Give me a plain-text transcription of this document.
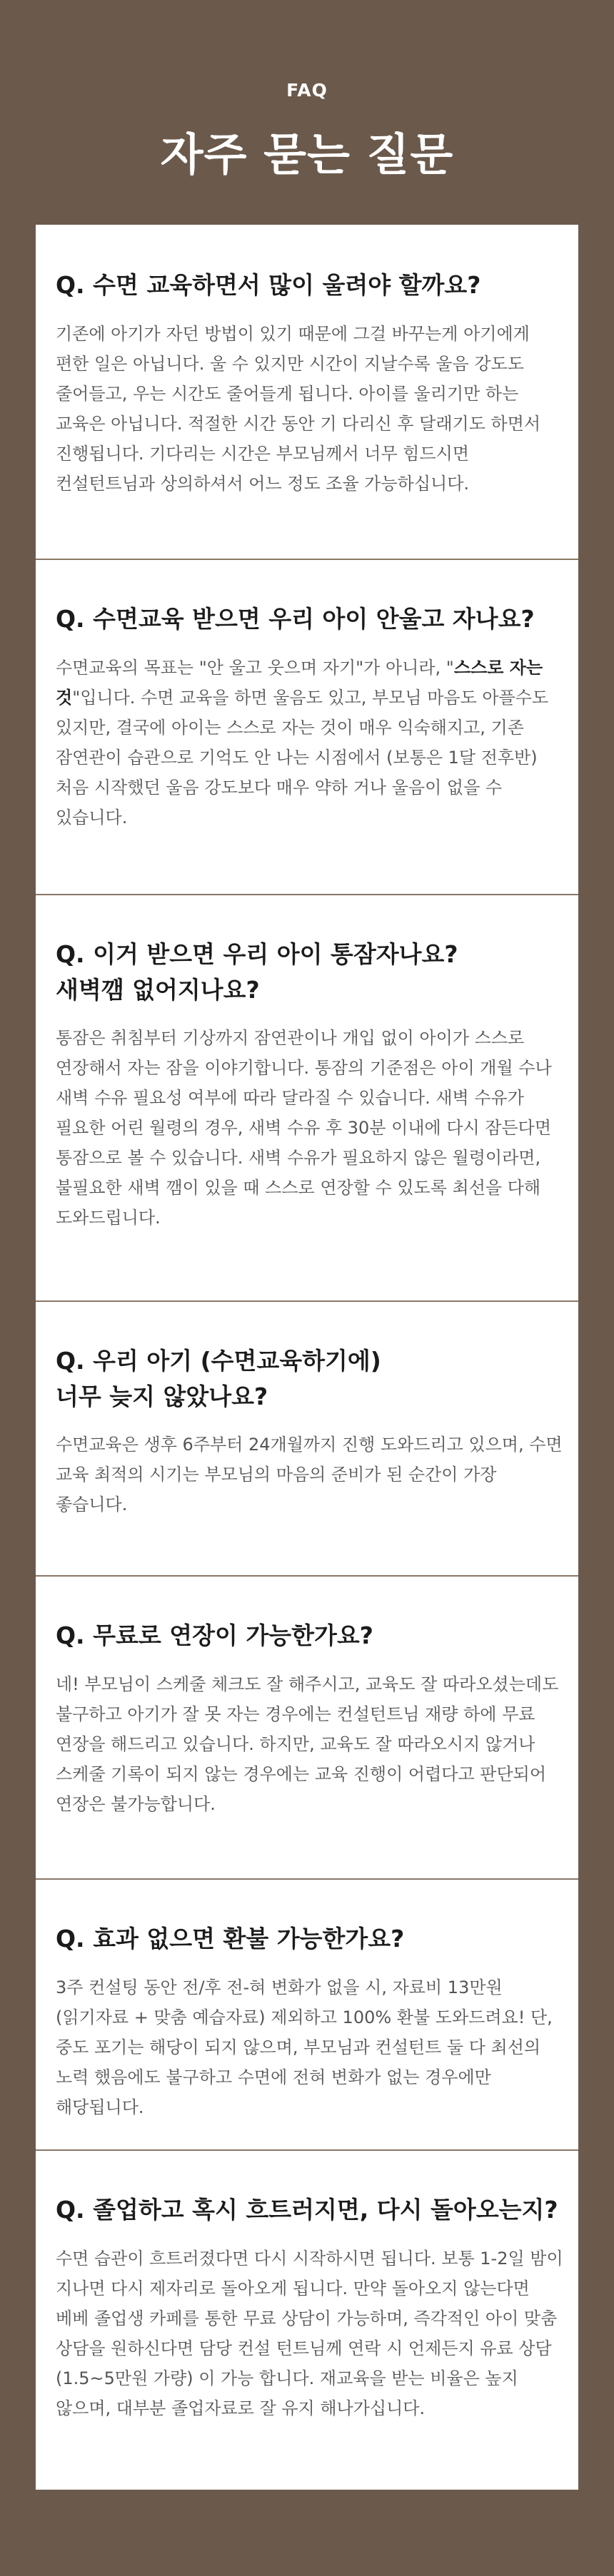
FAQ

자주 묻는 질문
Q. 수면 교육하면서 많이 울려야 할까요?

기존에 아기가 자던 방법이 있기 때문에 그걸 바꾸는게 아기에게 편한 일은 아닙니다. 울 수 있지만 시간이 지날수록 울음 강도도 줄어들고, 우는 시간도 줄어들게 됩니다. 아이를 울리기만 하는 교육은 아닙니다. 적절한 시간 동안 기 다리신 후 달래기도 하면서 진행됩니다. 기다리는 시간은 부모님께서 너무 힘드시면 컨설턴트님과 상의하셔서 어느 정도 조율 가능하십니다.

Q. 수면교육 받으면 우리 아이 안울고 자나요?

수면교육의 목표는 "안 울고 웃으며 자기"가 아니라, "스스로 자는 것"입니다. 수면 교육을 하면 울음도 있고, 부모님 마음도 아플수도 있지만, 결국에 아이는 스스로 자는 것이 매우 익숙해지고, 기존 잠연관이 습관으로 기억도 안 나는 시점에서 (보통은 1달 전후반) 처음 시작했던 울음 강도보다 매우 약하 거나 울음이 없을 수 있습니다.

Q. 이거 받으면 우리 아이 통잠자나요?
새벽깸 없어지나요?

통잠은 취침부터 기상까지 잠연관이나 개입 없이 아이가 스스로 연장해서 자는 잠을 이야기합니다. 통잠의 기준점은 아이 개월 수나 새벽 수유 필요성 여부에 따라 달라질 수 있습니다. 새벽 수유가 필요한 어린 월령의 경우, 새벽 수유 후 30분 이내에 다시 잠든다면 통잠으로 볼 수 있습니다. 새벽 수유가 필요하지 않은 월령이라면, 불필요한 새벽 깸이 있을 때 스스로 연장할 수 있도록 최선을 다해 도와드립니다.

Q. 우리 아기 (수면교육하기에)
너무 늦지 않았나요?

수면교육은 생후 6주부터 24개월까지 진행 도와드리고 있으며, 수면 교육 최적의 시기는 부모님의 마음의 준비가 된 순간이 가장 좋습니다.

Q. 무료로 연장이 가능한가요?

네! 부모님이 스케줄 체크도 잘 해주시고, 교육도 잘 따라오셨는데도 불구하고 아기가 잘 못 자는 경우에는 컨설턴트님 재량 하에 무료 연장을 해드리고 있습니다. 하지만, 교육도 잘 따라오시지 않거나 스케줄 기록이 되지 않는 경우에는 교육 진행이 어렵다고 판단되어 연장은 불가능합니다.

Q. 효과 없으면 환불 가능한가요?

3주 컨설팅 동안 전/후 전-혀 변화가 없을 시, 자료비 13만원 (읽기자료 + 맞춤 예습자료) 제외하고 100% 환불 도와드려요! 단, 중도 포기는 해당이 되지 않으며, 부모님과 컨설턴트 둘 다 최선의 노력 했음에도 불구하고 수면에 전혀 변화가 없는 경우에만 해당됩니다.

Q. 졸업하고 혹시 흐트러지면, 다시 돌아오는지?

수면 습관이 흐트러졌다면 다시 시작하시면 됩니다. 보통 1-2일 밤이 지나면 다시 제자리로 돌아오게 됩니다. 만약 돌아오지 않는다면 베베 졸업생 카페를 통한 무료 상담이 가능하며, 즉각적인 아이 맞춤 상담을 원하신다면 담당 컨설 턴트님께 연락 시 언제든지 유료 상담 (1.5~5만원 가량) 이 가능 합니다. 재교육을 받는 비율은 높지 않으며, 대부분 졸업자료로 잘 유지 해나가십니다.
